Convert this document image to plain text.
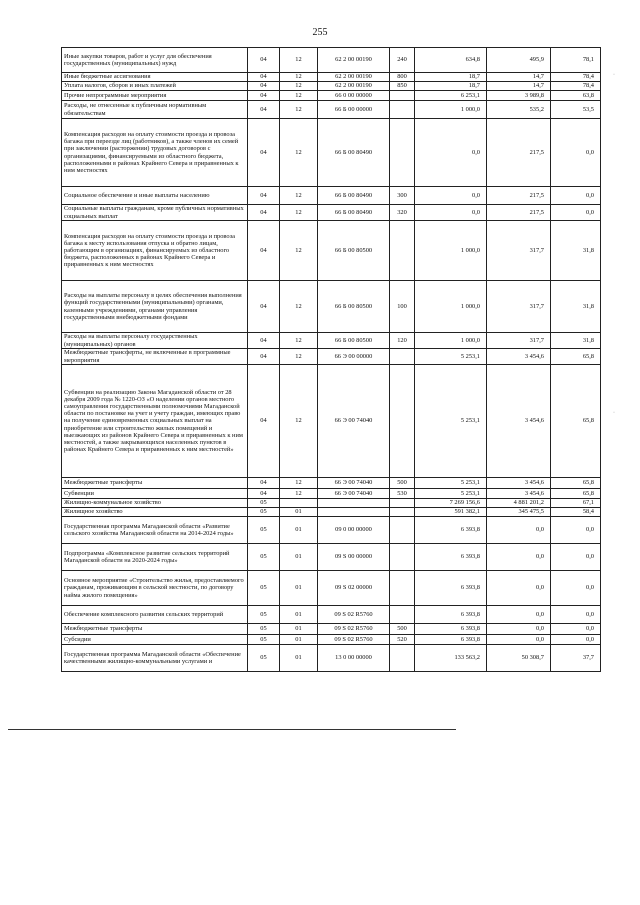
255
Иные закупки товаров, работ и услуг для обеспечения государственных (муниципальных) нужд	04	12	62 2 00 00190	240	634,8	495,9	78,1
Иные бюджетные ассигнования	04	12	62 2 00 00190	800	18,7	14,7	78,4
Уплата налогов, сборов и иных платежей	04	12	62 2 00 00190	850	18,7	14,7	78,4
Прочие непрограммные мероприятия	04	12	66 0 00 00000		6 253,1	3 989,8	63,8
Расходы, не отнесенные к публичным нормативным обязательствам	04	12	66 Б 00 00000		1 000,0	535,2	53,5
Компенсация расходов на оплату стоимости проезда и провоза багажа при переезде лиц (работников), а также членов их семей при заключении (расторжении) трудовых договоров с организациями, финансируемыми из областного бюджета, расположенными в районах Крайнего Севера и приравненных к ним местностях	04	12	66 Б 00 80490		0,0	217,5	0,0
Социальное обеспечение и иные выплаты населению	04	12	66 Б 00 80490	300	0,0	217,5	0,0
Социальные выплаты гражданам, кроме публичных нормативных социальных выплат	04	12	66 Б 00 80490	320	0,0	217,5	0,0
Компенсация расходов на оплату стоимости проезда и провоза багажа к месту использования отпуска и обратно лицам, работающим в организациях, финансируемых из областного бюджета, расположенных в районах Крайнего Севера и приравненных к ним местностях	04	12	66 Б 00 80500		1 000,0	317,7	31,8
Расходы на выплаты персоналу в целях обеспечения выполнения функций государственными (муниципальными) органами, казенными учреждениями, органами управления государственными внебюджетными фондами	04	12	66 Б 00 80500	100	1 000,0	317,7	31,8
Расходы на выплаты персоналу государственных (муниципальных) органов	04	12	66 Б 00 80500	120	1 000,0	317,7	31,8
Межбюджетные трансферты, не включенные в программные мероприятия	04	12	66 Э 00 00000		5 253,1	3 454,6	65,8
Субвенции на реализацию Закона Магаданской области от 28 декабря 2009 года № 1220-ОЗ «О наделении органов местного самоуправления государственными полномочиями Магаданской области по постановке на учет и учету граждан, имеющих право на получение единовременных социальных выплат на приобретение или строительство жилых помещений и выезжающих из районов Крайнего Севера и приравненных к ним местностей, а также закрывающихся населенных пунктов в районах Крайнего Севера и приравненных к ним местностей»	04	12	66 Э 00 74040		5 253,1	3 454,6	65,8
Межбюджетные трансферты	04	12	66 Э 00 74040	500	5 253,1	3 454,6	65,8
Субвенции	04	12	66 Э 00 74040	530	5 253,1	3 454,6	65,8
Жилищно-коммунальное хозяйство	05				7 269 156,6	4 881 201,2	67,1
Жилищное хозяйство	05	01			591 382,1	345 475,5	58,4
Государственная программа Магаданской области «Развитие сельского хозяйства Магаданской области на 2014-2024 годы»	05	01	09 0 00 00000		6 393,8	0,0	0,0
Подпрограмма «Комплексное развитие сельских территорий Магаданской области на 2020-2024 годы»	05	01	09 S 00 00000		6 393,8	0,0	0,0
Основное мероприятие «Строительство жилья, предоставляемого гражданам, проживающим в сельской местности, по договору найма жилого помещения»	05	01	09 S 02 00000		6 393,8	0,0	0,0
Обеспечение комплексного развития сельских территорий	05	01	09 S 02 R5760		6 393,8	0,0	0,0
Межбюджетные трансферты	05	01	09 S 02 R5760	500	6 393,8	0,0	0,0
Субсидии	05	01	09 S 02 R5760	520	6 393,8	0,0	0,0
Государственная программа Магаданской области «Обеспечение качественными жилищно-коммунальными услугами и	05	01	13 0 00 00000		133 563,2	50 308,7	37,7
·
·
